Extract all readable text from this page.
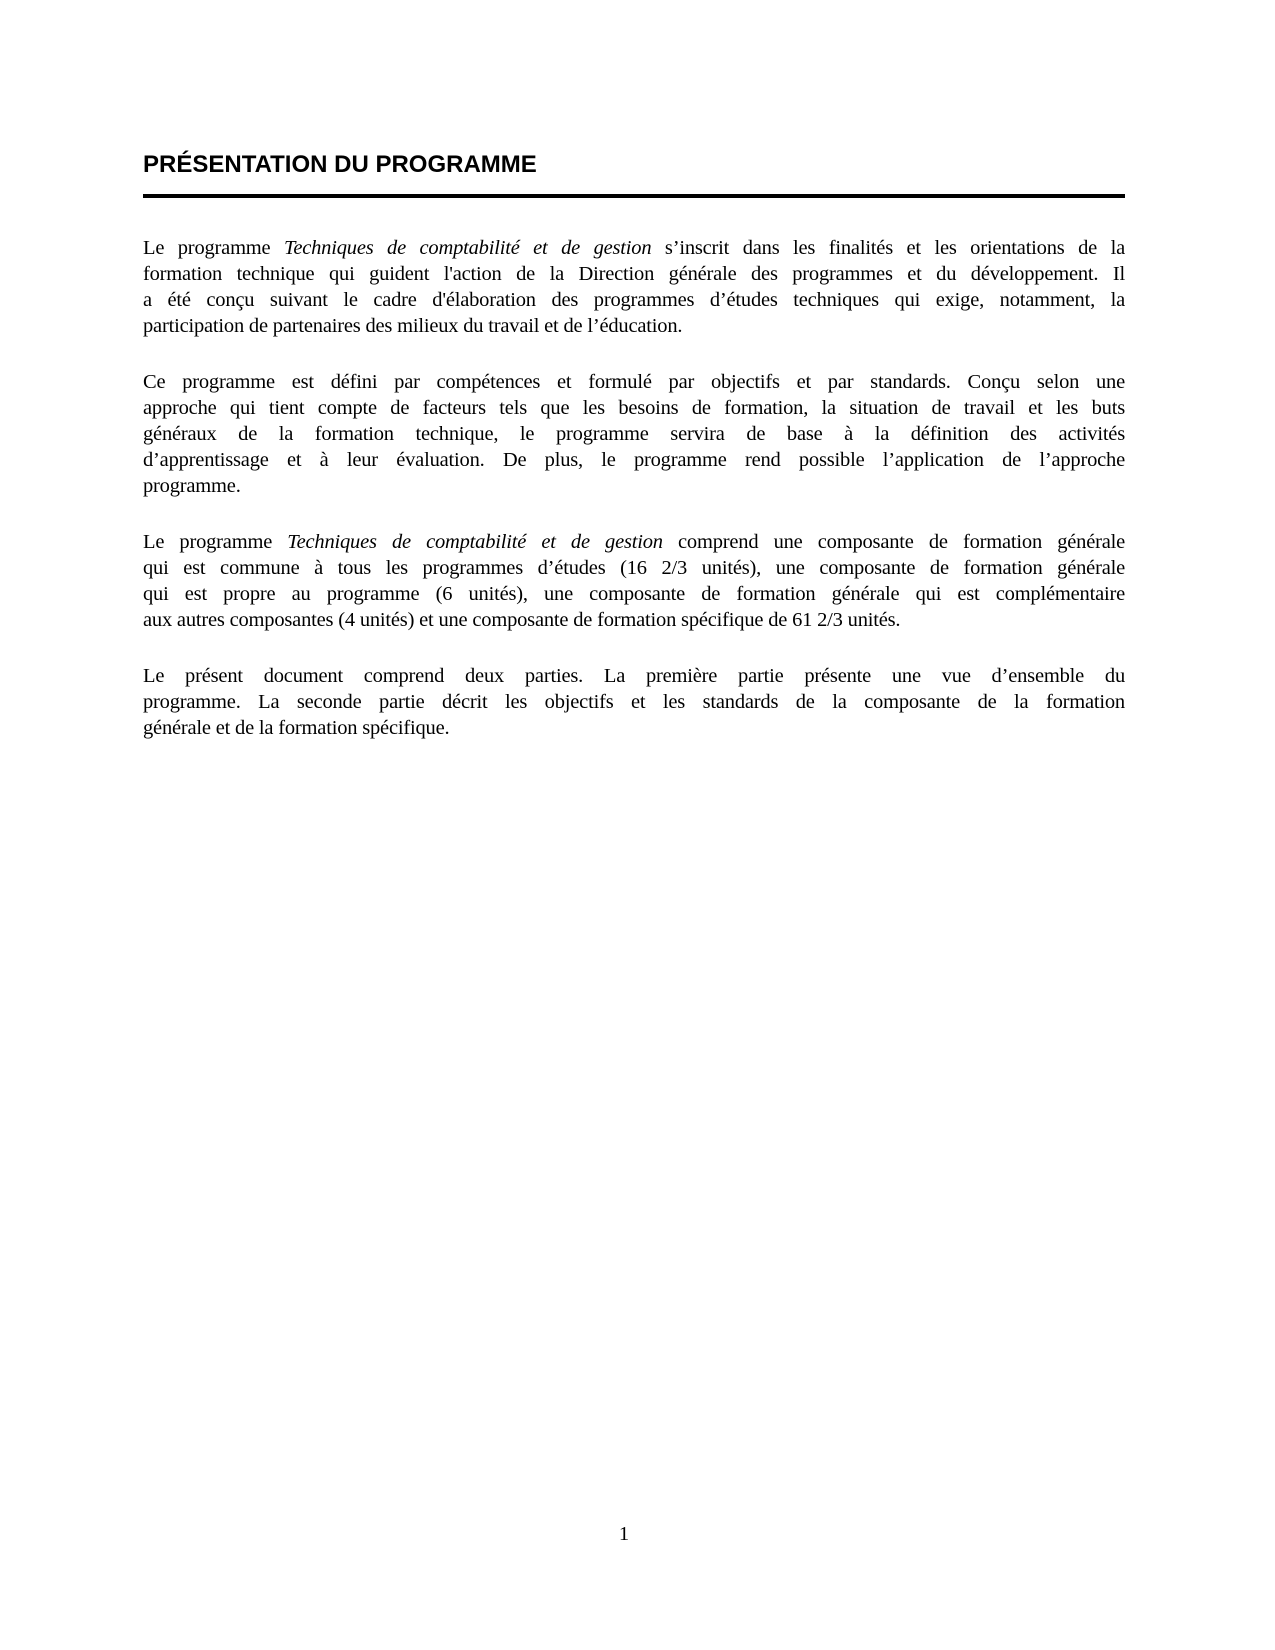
PRÉSENTATION DU PROGRAMME
Le programme Techniques de comptabilité et de gestion s’inscrit dans les finalités et les orientations de la
formation technique qui guident l'action de la Direction générale des programmes et du développement. Il
a été conçu suivant le cadre d'élaboration des programmes d’études techniques qui exige, notamment, la
participation de partenaires des milieux du travail et de l’éducation.
Ce programme est défini par compétences et formulé par objectifs et par standards. Conçu selon une
approche qui tient compte de facteurs tels que les besoins de formation, la situation de travail et les buts
généraux de la formation technique, le programme servira de base à la définition des activités
d’apprentissage et à leur évaluation. De plus, le programme rend possible l’application de l’approche
programme.
Le programme Techniques de comptabilité et de gestion comprend une composante de formation générale
qui est commune à tous les programmes d’études (16 2/3 unités), une composante de formation générale
qui est propre au programme (6 unités), une composante de formation générale qui est complémentaire
aux autres composantes (4 unités) et une composante de formation spécifique de 61 2/3 unités.
Le présent document comprend deux parties. La première partie présente une vue d’ensemble du
programme. La seconde partie décrit les objectifs et les standards de la composante de la formation
générale et de la formation spécifique.
1
